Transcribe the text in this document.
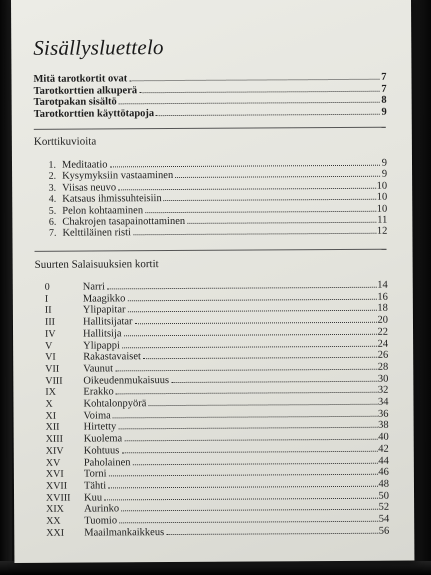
Sisällysluettelo
Mitä tarotkortit ovat	7
Tarotkorttien alkuperä	7
Tarotpakan sisältö	8
Tarotkorttien käyttötapoja	9
Korttikuvioita
1. Meditaatio	9
2. Kysymyksiin vastaaminen	9
3. Viisas neuvo	10
4. Katsaus ihmissuhteisiin	10
5. Pelon kohtaaminen	10
6. Chakrojen tasapainottaminen	11
7. Kelttiläinen risti	12
Suurten Salaisuuksien kortit
0	Narri	14
I	Maagikko	16
II	Ylipapitar	18
III	Hallitsijatar	20
IV	Hallitsija	22
V	Ylipappi	24
VI	Rakastavaiset	26
VII	Vaunut	28
VIII	Oikeudenmukaisuus	30
IX	Erakko	32
X	Kohtalonpyörä	34
XI	Voima	36
XII	Hirtetty	38
XIII	Kuolema	40
XIV	Kohtuus	42
XV	Paholainen	44
XVI	Torni	46
XVII	Tähti	48
XVIII	Kuu	50
XIX	Aurinko	52
XX	Tuomio	54
XXI	Maailmankaikkeus	56
